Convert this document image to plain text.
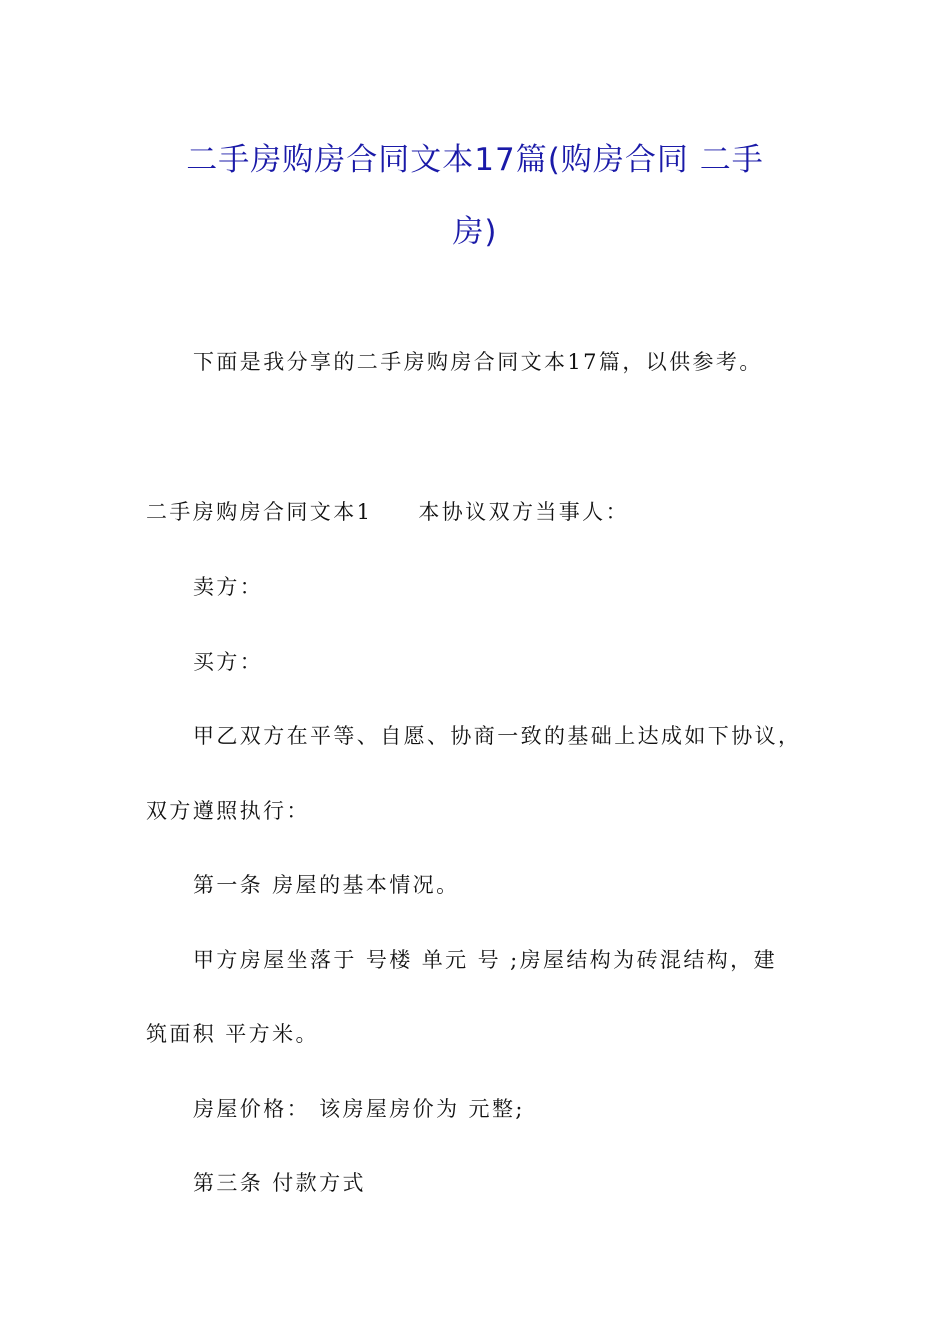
二手房购房合同文本17篇(购房合同 二手
房)
下面是我分享的二手房购房合同文本17篇，以供参考。
二手房购房合同文本1 本协议双方当事人：
卖方：
买方：
甲乙双方在平等、自愿、协商一致的基础上达成如下协议，
双方遵照执行：
第一条 房屋的基本情况。
甲方房屋坐落于 号楼 单元 号 ;房屋结构为砖混结构，建
筑面积 平方米。
房屋价格： 该房屋房价为 元整;
第三条 付款方式
